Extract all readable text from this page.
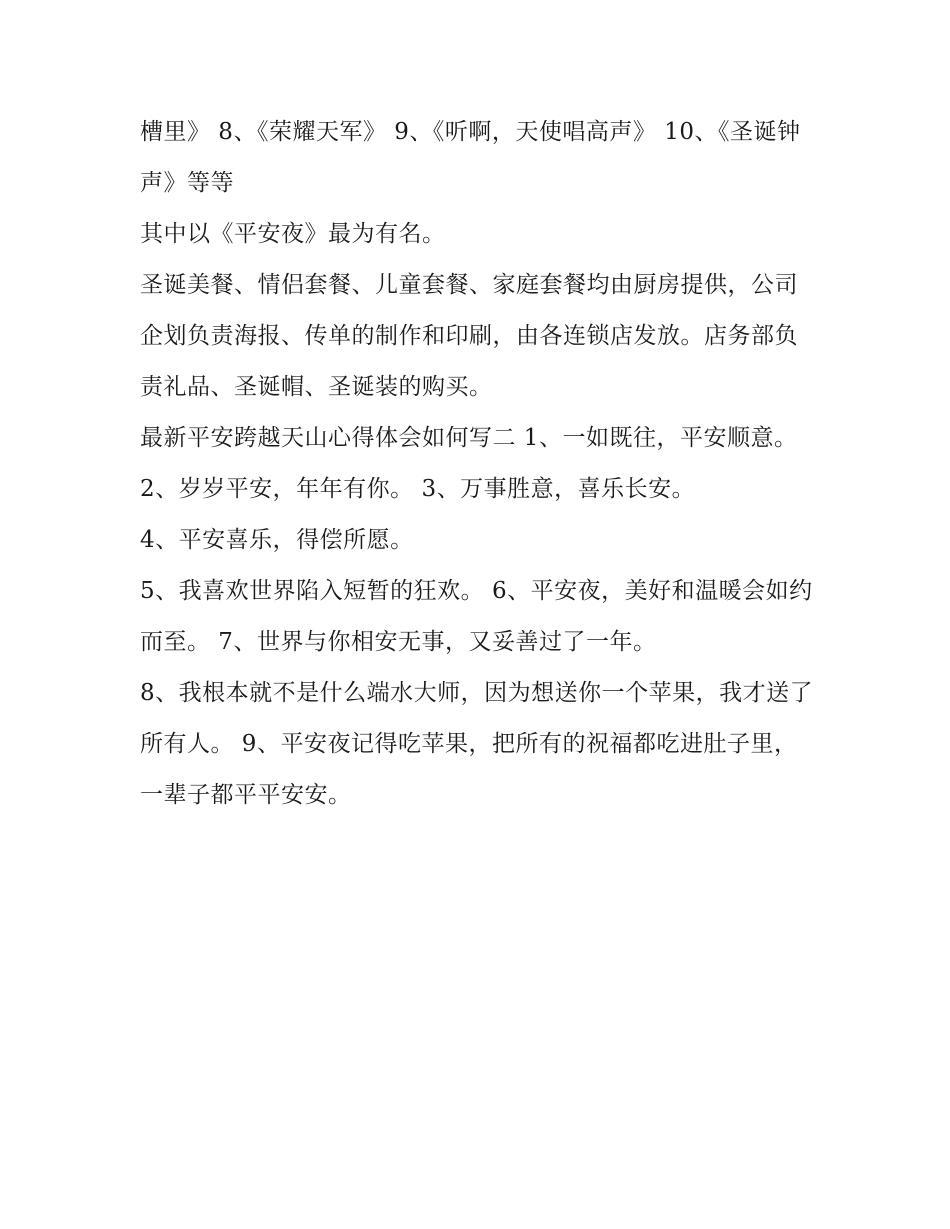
槽里》 8、《荣耀天军》 9、《听啊，天使唱高声》 10、《圣诞钟声》等等

其中以《平安夜》最为有名。

圣诞美餐、情侣套餐、儿童套餐、家庭套餐均由厨房提供，公司企划负责海报、传单的制作和印刷，由各连锁店发放。店务部负责礼品、圣诞帽、圣诞装的购买。

最新平安跨越天山心得体会如何写二 1、一如既往，平安顺意。 2、岁岁平安，年年有你。 3、万事胜意，喜乐长安。

4、平安喜乐，得偿所愿。

5、我喜欢世界陷入短暂的狂欢。 6、平安夜，美好和温暖会如约而至。 7、世界与你相安无事，又妥善过了一年。

8、我根本就不是什么端水大师，因为想送你一个苹果，我才送了所有人。 9、平安夜记得吃苹果，把所有的祝福都吃进肚子里，一辈子都平平安安。
